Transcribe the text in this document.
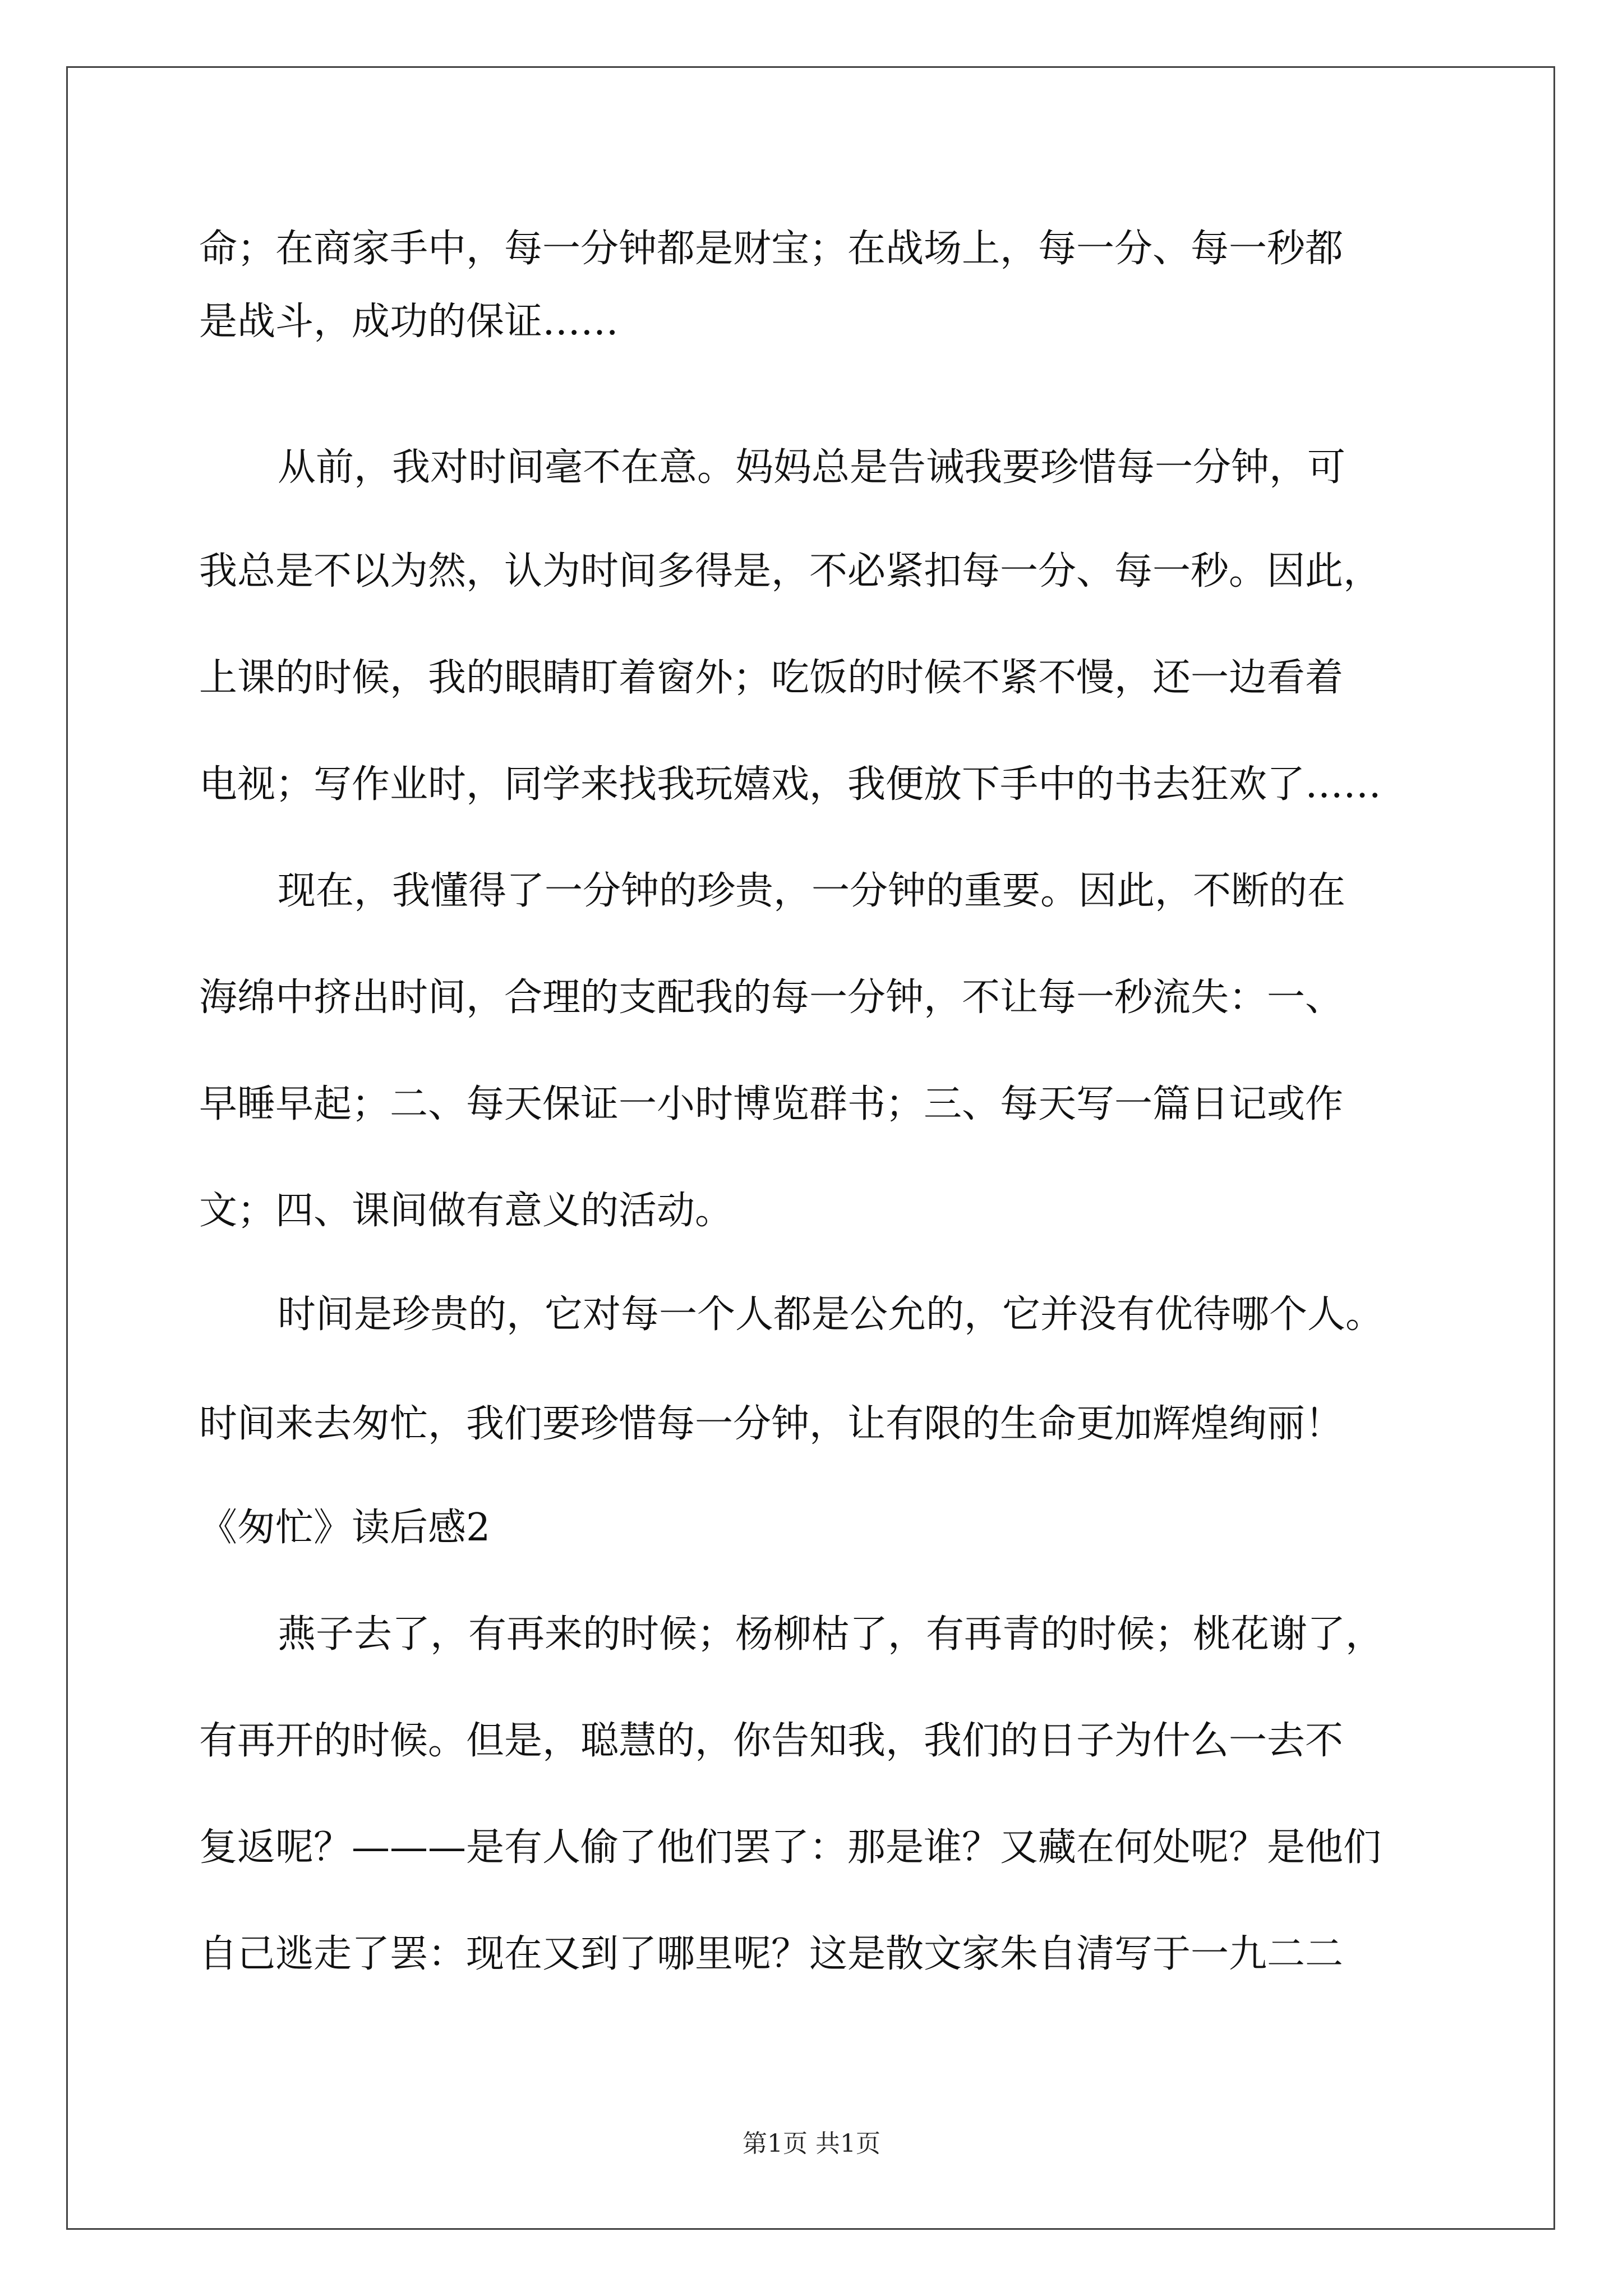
命；在商家手中，每一分钟都是财宝；在战场上，每一分、每一秒都
是战斗，成功的保证……
从前，我对时间毫不在意。妈妈总是告诫我要珍惜每一分钟，可
我总是不以为然，认为时间多得是，不必紧扣每一分、每一秒。因此，
上课的时候，我的眼睛盯着窗外；吃饭的时候不紧不慢，还一边看着
电视；写作业时，同学来找我玩嬉戏，我便放下手中的书去狂欢了……
现在，我懂得了一分钟的珍贵，一分钟的重要。因此，不断的在
海绵中挤出时间，合理的支配我的每一分钟，不让每一秒流失：一、
早睡早起；二、每天保证一小时博览群书；三、每天写一篇日记或作
文；四、课间做有意义的活动。
时间是珍贵的，它对每一个人都是公允的，它并没有优待哪个人。
时间来去匆忙，我们要珍惜每一分钟，让有限的生命更加辉煌绚丽！
《匆忙》读后感2
燕子去了，有再来的时候；杨柳枯了，有再青的时候；桃花谢了，
有再开的时候。但是，聪慧的，你告知我，我们的日子为什么一去不
复返呢？———是有人偷了他们罢了：那是谁？又藏在何处呢？是他们
自己逃走了罢：现在又到了哪里呢？这是散文家朱自清写于一九二二
第1页 共1页
